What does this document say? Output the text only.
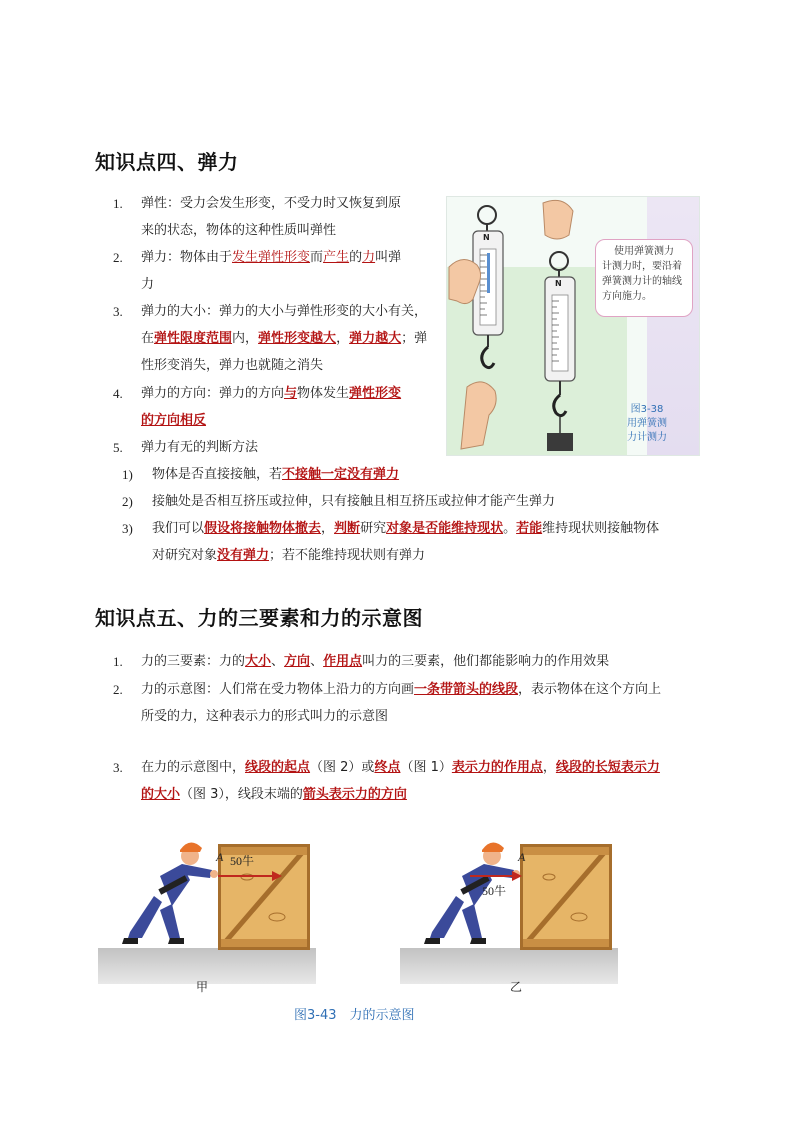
知识点四、弹力
1. 弹性：受力会发生形变，不受力时又恢复到原
来的状态，物体的这种性质叫弹性
2. 弹力：物体由于发生弹性形变而产生的力叫弹
力
3. 弹力的大小：弹力的大小与弹性形变的大小有关，
在弹性限度范围内，弹性形变越大，弹力越大；弹
性形变消失，弹力也就随之消失
4. 弹力的方向：弹力的方向与物体发生弹性形变
的方向相反
5. 弹力有无的判断方法
1) 物体是否直接接触，若不接触一定没有弹力
2) 接触处是否相互挤压或拉伸，只有接触且相互挤压或拉伸才能产生弹力
3) 我们可以假设将接触物体撤去，判断研究对象是否能维持现状。若能维持现状则接触物体
对研究对象没有弹力；若不能维持现状则有弹力
N
N
使用弹簧测力
计测力时，要沿着
弹簧测力计的轴线
方向施力。
图3-38
用弹簧测
力计测力
知识点五、力的三要素和力的示意图
1. 力的三要素：力的大小、方向、作用点叫力的三要素，他们都能影响力的作用效果
2. 力的示意图：人们常在受力物体上沿力的方向画一条带箭头的线段，表示物体在这个方向上
所受的力，这种表示力的形式叫力的示意图
3. 在力的示意图中，线段的起点（图 2）或终点（图 1）表示力的作用点，线段的长短表示力
的大小（图 3），线段末端的箭头表示力的方向
A 50牛
甲
A
50牛
乙
图3-43　力的示意图
